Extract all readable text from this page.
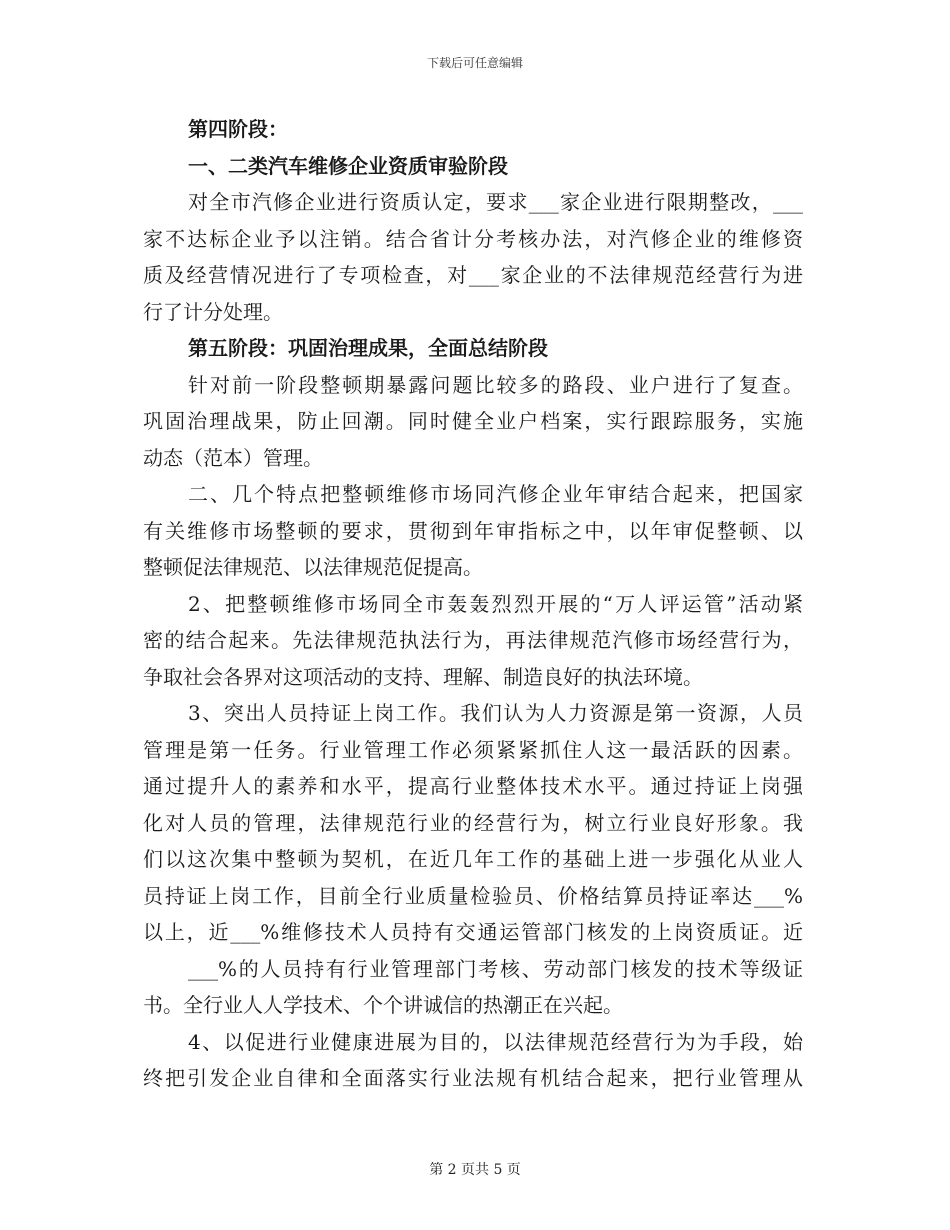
下载后可任意编辑
第四阶段：
一、二类汽车维修企业资质审验阶段
对全市汽修企业进行资质认定，要求___家企业进行限期整改，___
家不达标企业予以注销。结合省计分考核办法，对汽修企业的维修资
质及经营情况进行了专项检查，对___家企业的不法律规范经营行为进
行了计分处理。
第五阶段：巩固治理成果，全面总结阶段
针对前一阶段整顿期暴露问题比较多的路段、业户进行了复查。
巩固治理战果，防止回潮。同时健全业户档案，实行跟踪服务，实施
动态（范本）管理。
二、几个特点把整顿维修市场同汽修企业年审结合起来，把国家
有关维修市场整顿的要求，贯彻到年审指标之中，以年审促整顿、以
整顿促法律规范、以法律规范促提高。
2、把整顿维修市场同全市轰轰烈烈开展的“万人评运管”活动紧
密的结合起来。先法律规范执法行为，再法律规范汽修市场经营行为，
争取社会各界对这项活动的支持、理解、制造良好的执法环境。
3、突出人员持证上岗工作。我们认为人力资源是第一资源，人员
管理是第一任务。行业管理工作必须紧紧抓住人这一最活跃的因素。
通过提升人的素养和水平，提高行业整体技术水平。通过持证上岗强
化对人员的管理，法律规范行业的经营行为，树立行业良好形象。我
们以这次集中整顿为契机，在近几年工作的基础上进一步强化从业人
员持证上岗工作，目前全行业质量检验员、价格结算员持证率达___%
以上，近___%维修技术人员持有交通运管部门核发的上岗资质证。近
___%的人员持有行业管理部门考核、劳动部门核发的技术等级证
书。全行业人人学技术、个个讲诚信的热潮正在兴起。
4、以促进行业健康进展为目的，以法律规范经营行为为手段，始
终把引发企业自律和全面落实行业法规有机结合起来，把行业管理从
第 2 页共 5 页
